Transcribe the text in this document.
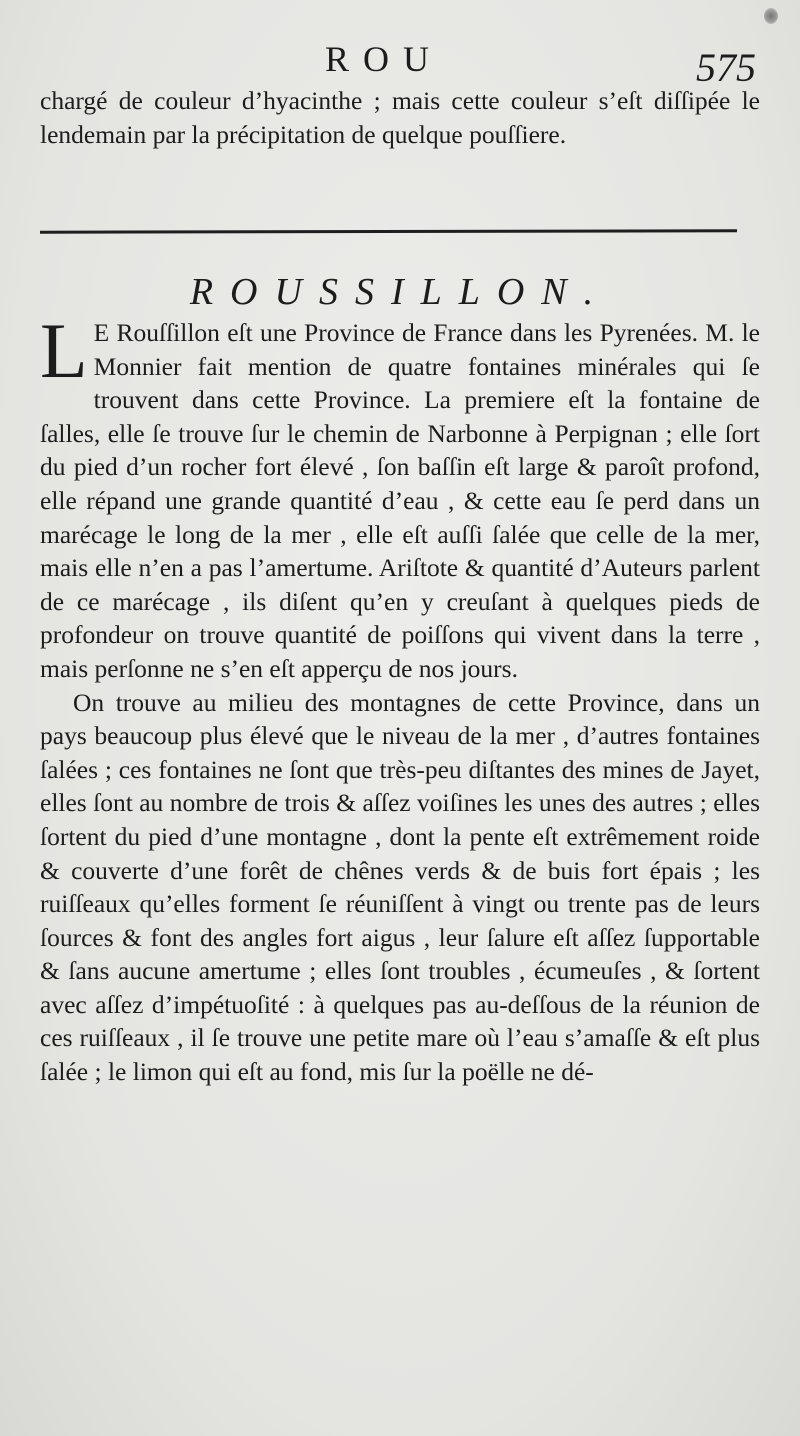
ROU	575

chargé de couleur d’hyacinthe ; mais cette couleur s’eſt diſſipée le lendemain par la précipitation de quelque pouſſiere.

ROUSSILLON.

L E Rouſſillon eſt une Province de France dans les Pyrenées. M. le Monnier fait mention de quatre fontaines minérales qui ſe trouvent dans cette Province. La premiere eſt la fontaine de ſalles, elle ſe trouve ſur le chemin de Narbonne à Perpignan ; elle ſort du pied d’un rocher fort élevé , ſon baſſin eſt large & paroît profond, elle répand une grande quantité d’eau , & cette eau ſe perd dans un marécage le long de la mer , elle eſt auſſi ſalée que celle de la mer, mais elle n’en a pas l’amertume. Ariſtote & quantité d’Auteurs parlent de ce marécage , ils diſent qu’en y creuſant à quelques pieds de profondeur on trouve quantité de poiſſons qui vivent dans la terre , mais perſonne ne s’en eſt apperçu de nos jours.

On trouve au milieu des montagnes de cette Province, dans un pays beaucoup plus élevé que le niveau de la mer , d’autres fontaines ſalées ; ces fontaines ne ſont que très-peu diſtantes des mines de Jayet, elles ſont au nombre de trois & aſſez voiſines les unes des autres ; elles ſortent du pied d’une montagne , dont la pente eſt extrêmement roide & couverte d’une forêt de chênes verds & de buis fort épais ; les ruiſſeaux qu’elles forment ſe réuniſſent à vingt ou trente pas de leurs ſources & font des angles fort aigus , leur ſalure eſt aſſez ſupportable & ſans aucune amertume ; elles ſont troubles , écumeuſes , & ſortent avec aſſez d’impétuoſité : à quelques pas au-deſſous de la réunion de ces ruiſſeaux , il ſe trouve une petite mare où l’eau s’amaſſe & eſt plus ſalée ; le limon qui eſt au fond, mis ſur la poëlle ne dé-
